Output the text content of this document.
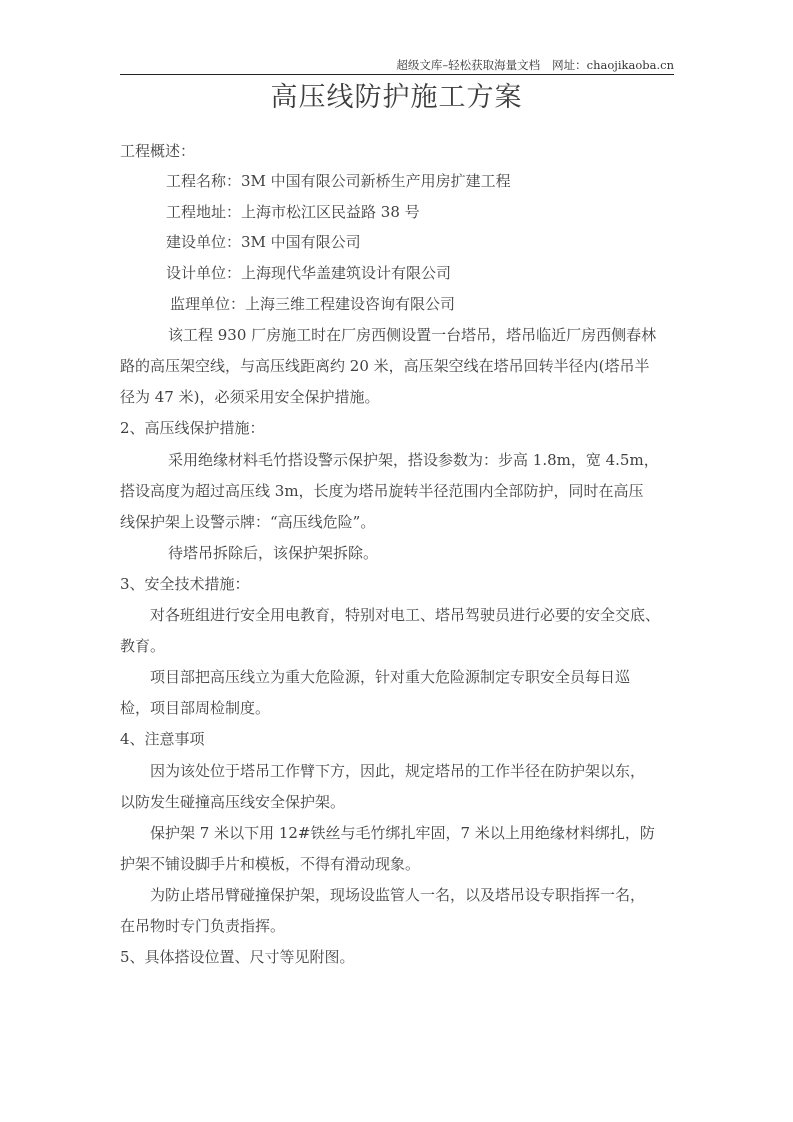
超级文库–轻松获取海量文档 网址：chaojikaoba.cn
高压线防护施工方案
工程概述：
工程名称：3M 中国有限公司新桥生产用房扩建工程
工程地址：上海市松江区民益路 38 号
建设单位：3M 中国有限公司
设计单位：上海现代华盖建筑设计有限公司
监理单位：上海三维工程建设咨询有限公司
该工程 930 厂房施工时在厂房西侧设置一台塔吊，塔吊临近厂房西侧春林
路的高压架空线，与高压线距离约 20 米，高压架空线在塔吊回转半径内(塔吊半
径为 47 米)，必须采用安全保护措施。
2、高压线保护措施：
采用绝缘材料毛竹搭设警示保护架，搭设参数为：步高 1.8m，宽 4.5m，
搭设高度为超过高压线 3m，长度为塔吊旋转半径范围内全部防护，同时在高压
线保护架上设警示牌：“高压线危险”。
待塔吊拆除后，该保护架拆除。
3、安全技术措施：
对各班组进行安全用电教育，特别对电工、塔吊驾驶员进行必要的安全交底、
教育。
项目部把高压线立为重大危险源，针对重大危险源制定专职安全员每日巡
检，项目部周检制度。
4、注意事项
因为该处位于塔吊工作臂下方，因此，规定塔吊的工作半径在防护架以东，
以防发生碰撞高压线安全保护架。
保护架 7 米以下用 12#铁丝与毛竹绑扎牢固，7 米以上用绝缘材料绑扎，防
护架不铺设脚手片和模板，不得有滑动现象。
为防止塔吊臂碰撞保护架，现场设监管人一名，以及塔吊设专职指挥一名，
在吊物时专门负责指挥。
5、具体搭设位置、尺寸等见附图。
